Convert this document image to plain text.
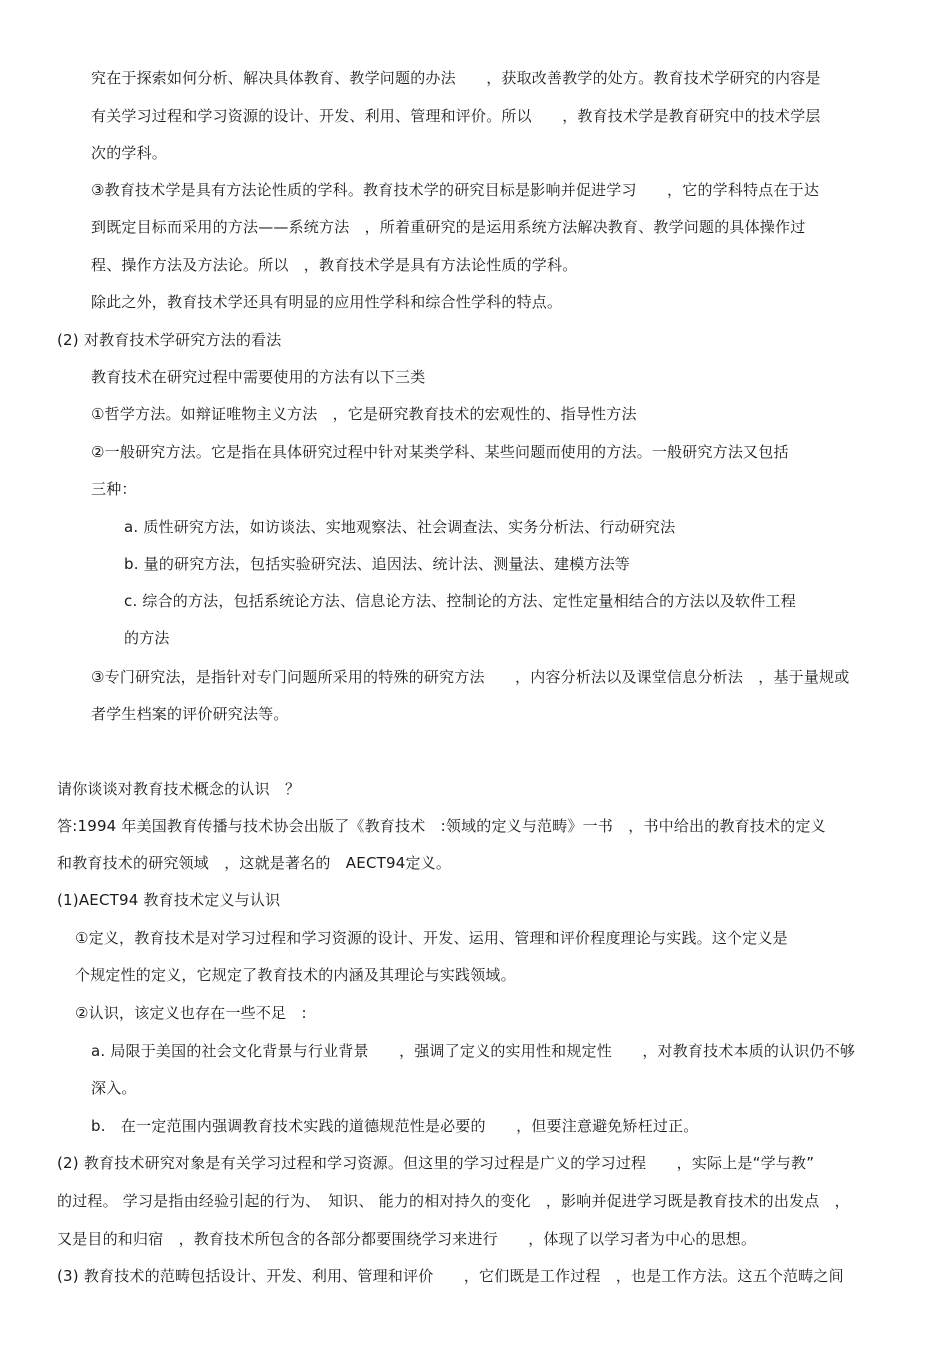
究在于探索如何分析、解决具体教育、教学问题的办法　　，获取改善教学的处方。教育技术学研究的内容是

有关学习过程和学习资源的设计、开发、利用、管理和评价。所以　　，教育技术学是教育研究中的技术学层

次的学科。

③教育技术学是具有方法论性质的学科。教育技术学的研究目标是影响并促进学习　　，它的学科特点在于达

到既定目标而采用的方法——系统方法　，所着重研究的是运用系统方法解决教育、教学问题的具体操作过

程、操作方法及方法论。所以　，教育技术学是具有方法论性质的学科。

除此之外，教育技术学还具有明显的应用性学科和综合性学科的特点。

(2) 对教育技术学研究方法的看法

教育技术在研究过程中需要使用的方法有以下三类

①哲学方法。如辩证唯物主义方法　，它是研究教育技术的宏观性的、指导性方法

②一般研究方法。它是指在具体研究过程中针对某类学科、某些问题而使用的方法。一般研究方法又包括

三种：

a. 质性研究方法，如访谈法、实地观察法、社会调查法、实务分析法、行动研究法

b. 量的研究方法，包括实验研究法、追因法、统计法、测量法、建模方法等

c. 综合的方法，包括系统论方法、信息论方法、控制论的方法、定性定量相结合的方法以及软件工程

的方法

③专门研究法，是指针对专门问题所采用的特殊的研究方法　　，内容分析法以及课堂信息分析法　，基于量规或

者学生档案的评价研究法等。

请你谈谈对教育技术概念的认识　？

答:1994 年美国教育传播与技术协会出版了《教育技术　:领域的定义与范畴》一书　，书中给出的教育技术的定义

和教育技术的研究领域　，这就是著名的　AECT94定义。

(1)AECT94 教育技术定义与认识

①定义，教育技术是对学习过程和学习资源的设计、开发、运用、管理和评价程度理论与实践。这个定义是

个规定性的定义，它规定了教育技术的内涵及其理论与实践领域。

②认识，该定义也存在一些不足　:

a. 局限于美国的社会文化背景与行业背景　　，强调了定义的实用性和规定性　　，对教育技术本质的认识仍不够

深入。

b.　在一定范围内强调教育技术实践的道德规范性是必要的　　，但要注意避免矫枉过正。

(2) 教育技术研究对象是有关学习过程和学习资源。但这里的学习过程是广义的学习过程　　，实际上是“学与教”

的过程。 学习是指由经验引起的行为、　知识、 能力的相对持久的变化　，影响并促进学习既是教育技术的出发点　，

又是目的和归宿　，教育技术所包含的各部分都要围绕学习来进行　　，体现了以学习者为中心的思想。

(3) 教育技术的范畴包括设计、开发、利用、管理和评价　　，它们既是工作过程　，也是工作方法。这五个范畴之间
